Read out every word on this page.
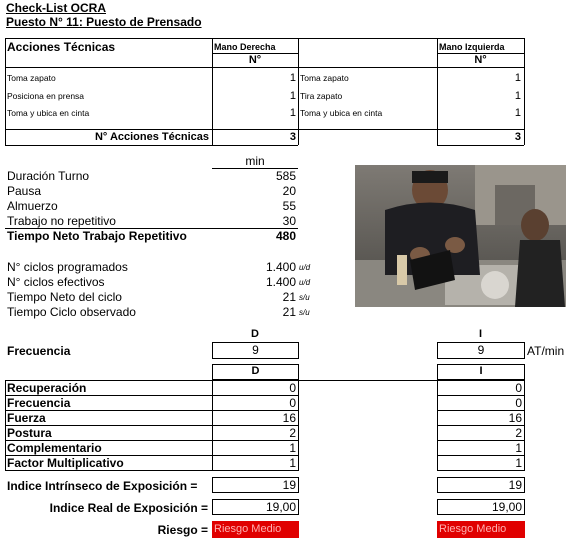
Check-List OCRA
Puesto N° 11: Puesto de Prensado
Acciones Técnicas	Mano Derecha	Mano Izquierda
N°	N°
Toma zapato	1 Toma zapato	1
Posiciona en prensa	1 Tira zapato	1
Toma y ubica en cinta	1 Toma y ubica en cinta	1
N° Acciones Técnicas	3	3
min
Duración Turno	585
Pausa	20
Almuerzo	55
Trabajo no repetitivo	30
Tiempo Neto Trabajo Repetitivo	480
N° ciclos programados	1.400 u/d
N° ciclos efectivos	1.400 u/d
Tiempo Neto del ciclo	21 s/u
Tiempo Ciclo observado	21 s/u
D	I
Frecuencia	9	9	AT/min
D	I
Recuperación	0	0
Frecuencia	0	0
Fuerza	16	16
Postura	2	2
Complementario	1	1
Factor Multiplicativo	1	1
Indice Intrínseco de Exposición =	19	19
Indice Real de Exposición =	19,00	19,00
Riesgo = Riesgo Medio	Riesgo Medio
